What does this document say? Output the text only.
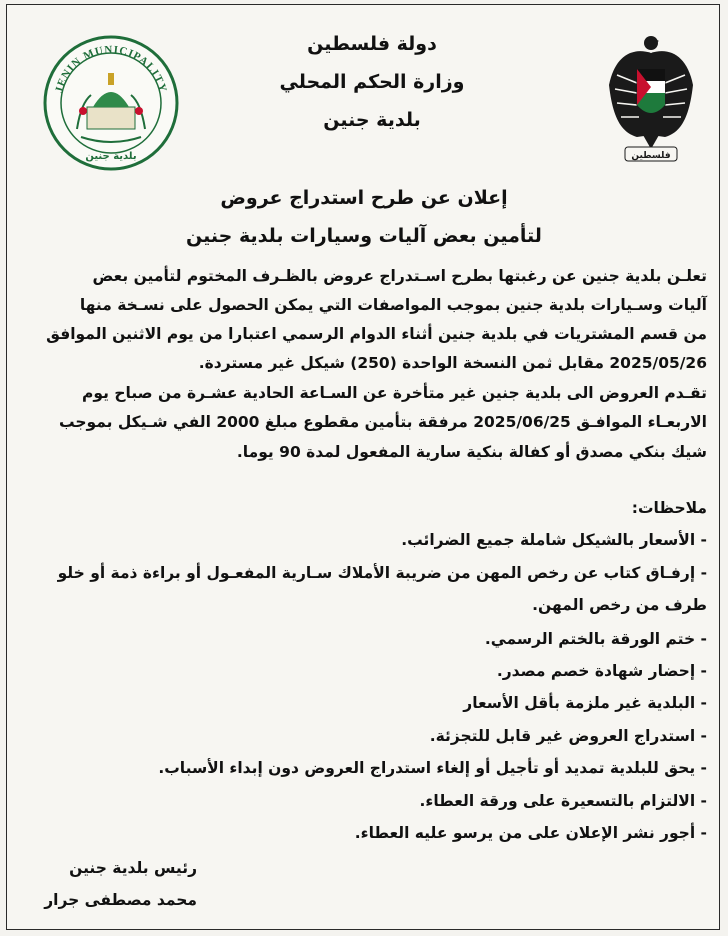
دولة فلسطين
وزارة الحكم المحلي
بلدية جنين
JENIN MUNICIPALITY
بلدية جنين	فلسطين
إعلان عن طرح استدراج عروض
لتأمين بعض آليات وسيارات بلدية جنين
تعلـن بلدية جنين عن رغبتها بطرح اسـتدراج عروض بالظـرف المختوم لتأمين بعض
آليات وسـيارات بلدية جنين بموجب المواصفات التي يمكن الحصول على نسـخة منها
من قسم المشتريات في بلدية جنين أثناء الدوام الرسمي اعتبارا من يوم الاثنين الموافق
2025/05/26 مقابل ثمن النسخة الواحدة (250) شيكل غير مستردة.
تقـدم العروض الى بلدية جنين غير متأخرة عن السـاعة الحادية عشـرة من صباح يوم
الاربعـاء الموافـق 2025/06/25 مرفقة بتأمين مقطوع مبلغ 2000 الفي شـيكل بموجب
شيك بنكي مصدق أو كفالة بنكية سارية المفعول لمدة 90 يوما.
ملاحظات:
- الأسعار بالشيكل شاملة جميع الضرائب.
- إرفـاق كتاب عن رخص المهن من ضريبة الأملاك سـارية المفعـول أو براءة ذمة أو خلو
طرف من رخص المهن.
- ختم الورقة بالختم الرسمي.
- إحضار شهادة خصم مصدر.
- البلدية غير ملزمة بأقل الأسعار
- استدراج العروض غير قابل للتجزئة.
- يحق للبلدية تمديد أو تأجيل أو إلغاء استدراج العروض دون إبداء الأسباب.
- الالتزام بالتسعيرة على ورقة العطاء.
- أجور نشر الإعلان على من يرسو عليه العطاء.
رئيس بلدية جنين
محمد مصطفى جرار
